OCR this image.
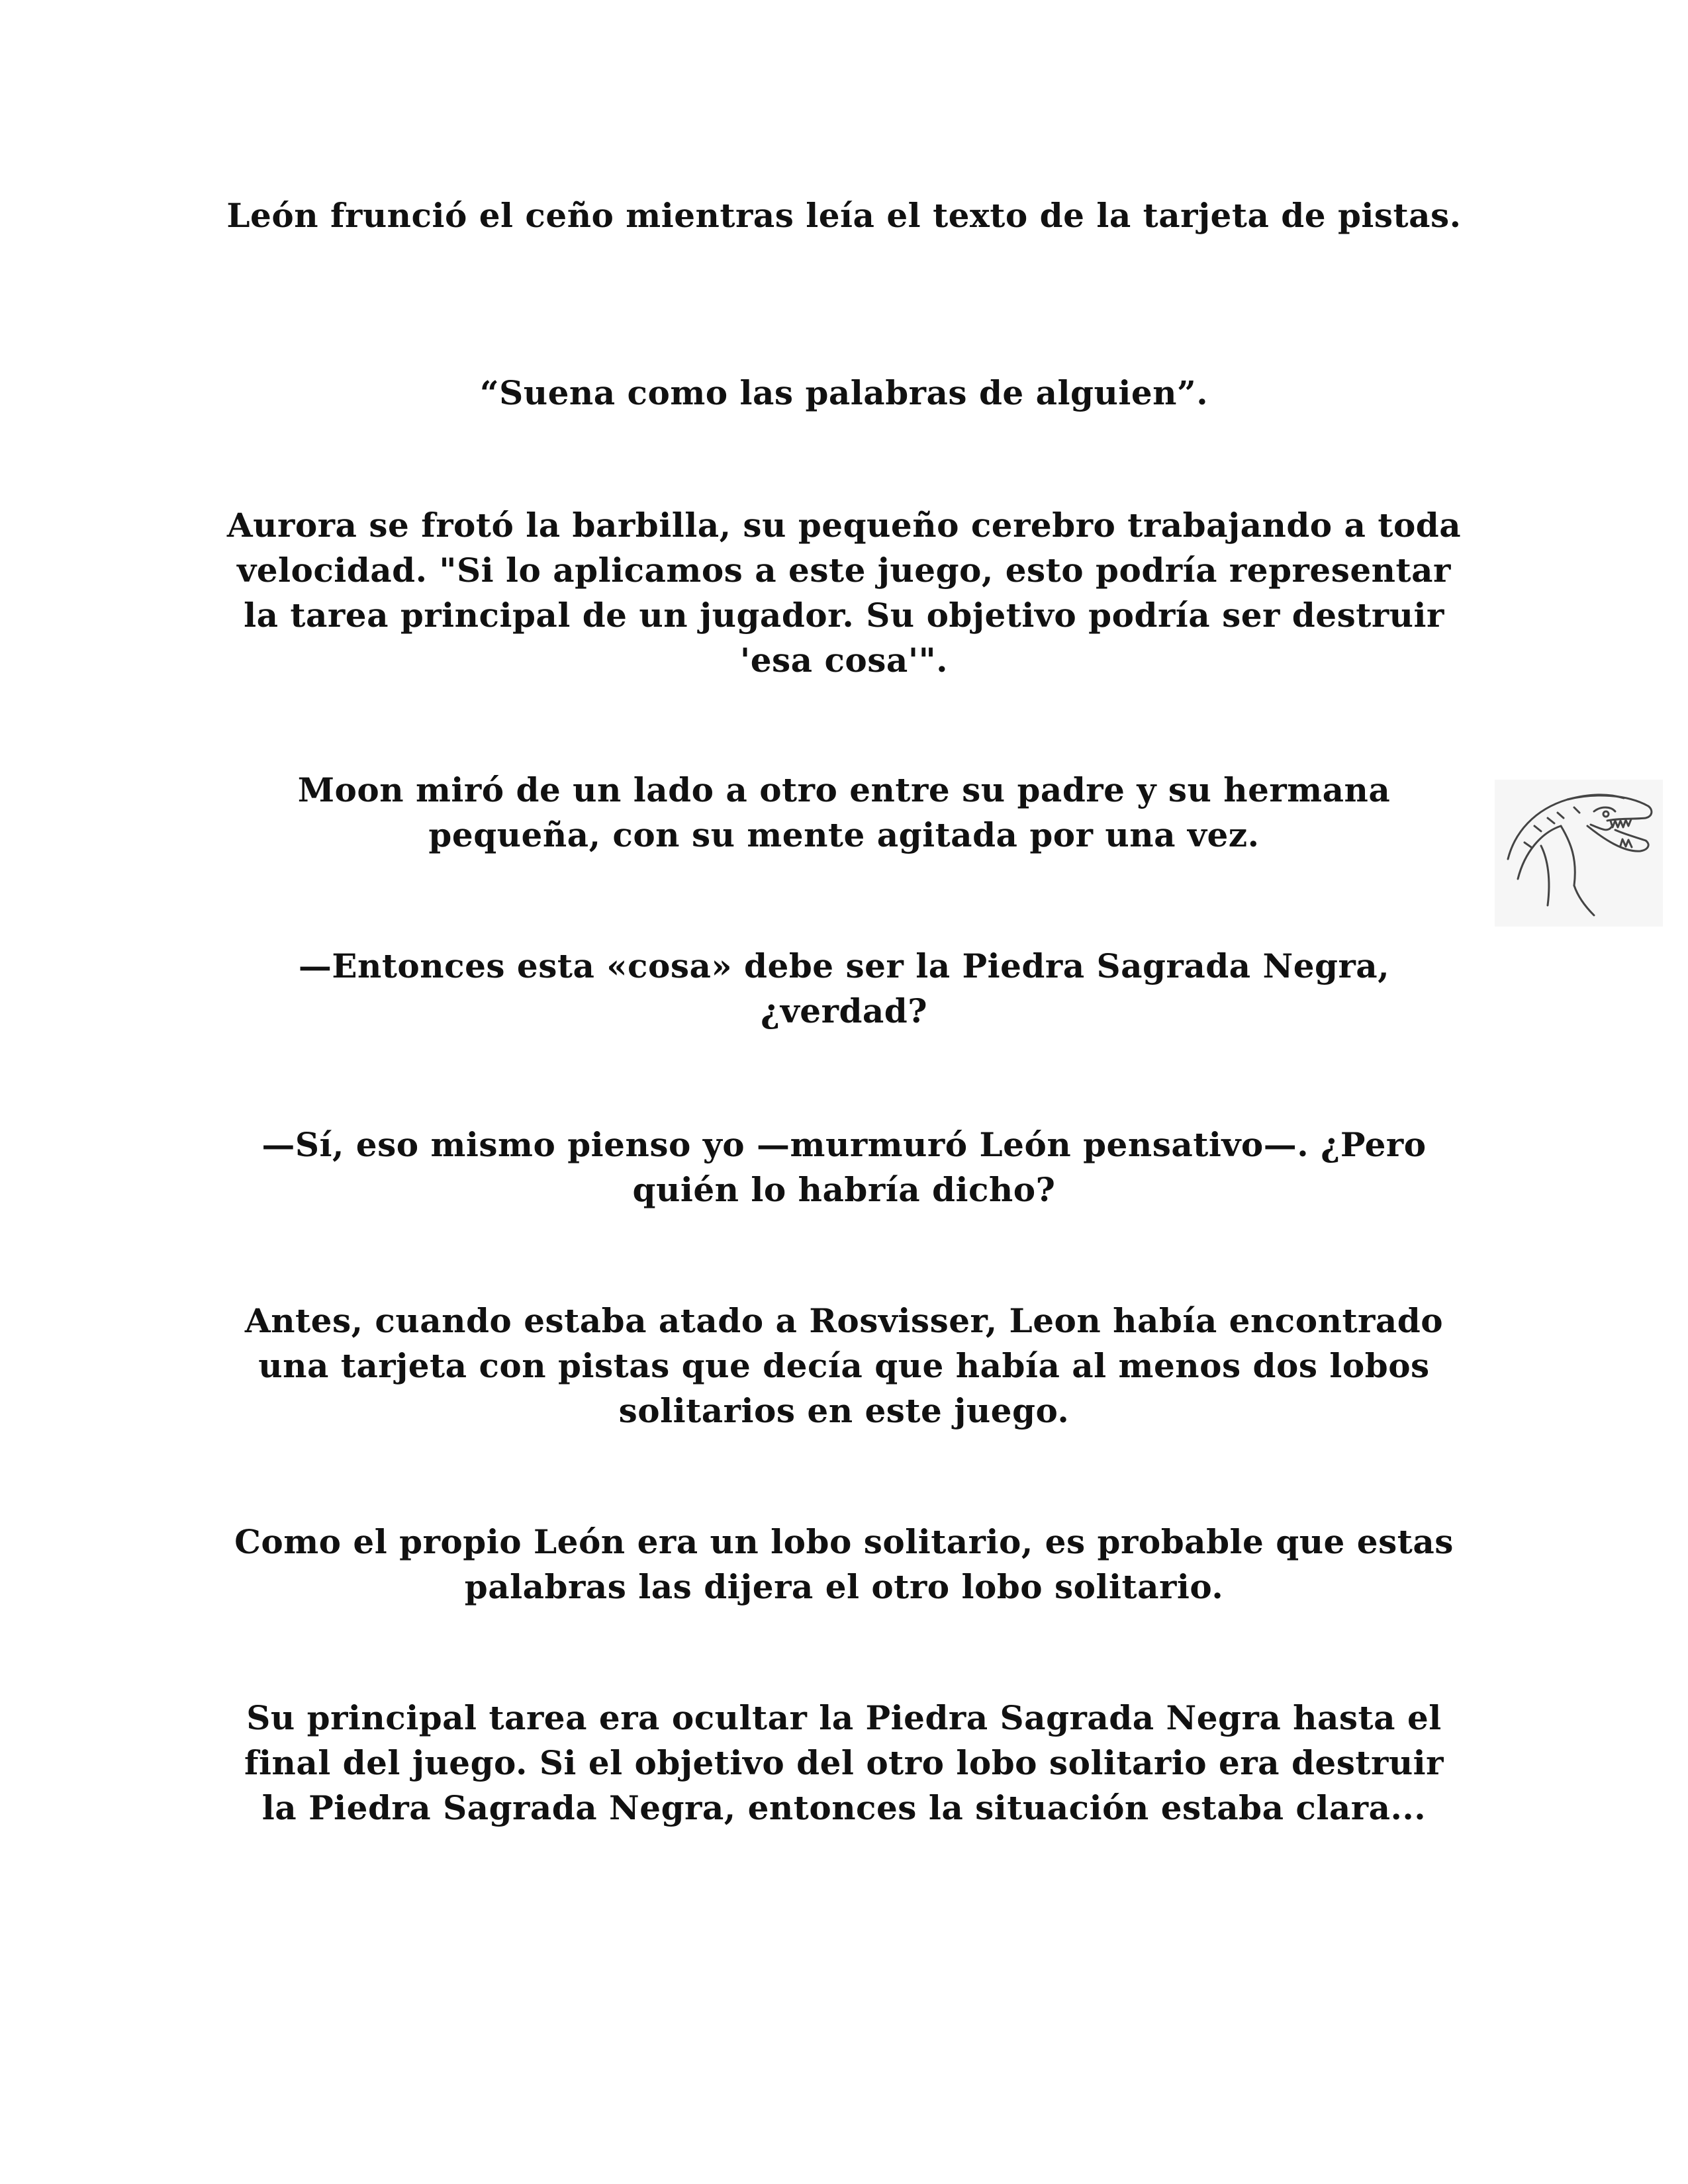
León frunció el ceño mientras leía el texto de la tarjeta de pistas.

“Suena como las palabras de alguien”.

Aurora se frotó la barbilla, su pequeño cerebro trabajando a toda velocidad. "Si lo aplicamos a este juego, esto podría representar la tarea principal de un jugador. Su objetivo podría ser destruir 'esa cosa'".

Moon miró de un lado a otro entre su padre y su hermana pequeña, con su mente agitada por una vez.

—Entonces esta «cosa» debe ser la Piedra Sagrada Negra, ¿verdad?

—Sí, eso mismo pienso yo —murmuró León pensativo—. ¿Pero quién lo habría dicho?

Antes, cuando estaba atado a Rosvisser, Leon había encontrado una tarjeta con pistas que decía que había al menos dos lobos solitarios en este juego.

Como el propio León era un lobo solitario, es probable que estas palabras las dijera el otro lobo solitario.

Su principal tarea era ocultar la Piedra Sagrada Negra hasta el final del juego. Si el objetivo del otro lobo solitario era destruir la Piedra Sagrada Negra, entonces la situación estaba clara...
